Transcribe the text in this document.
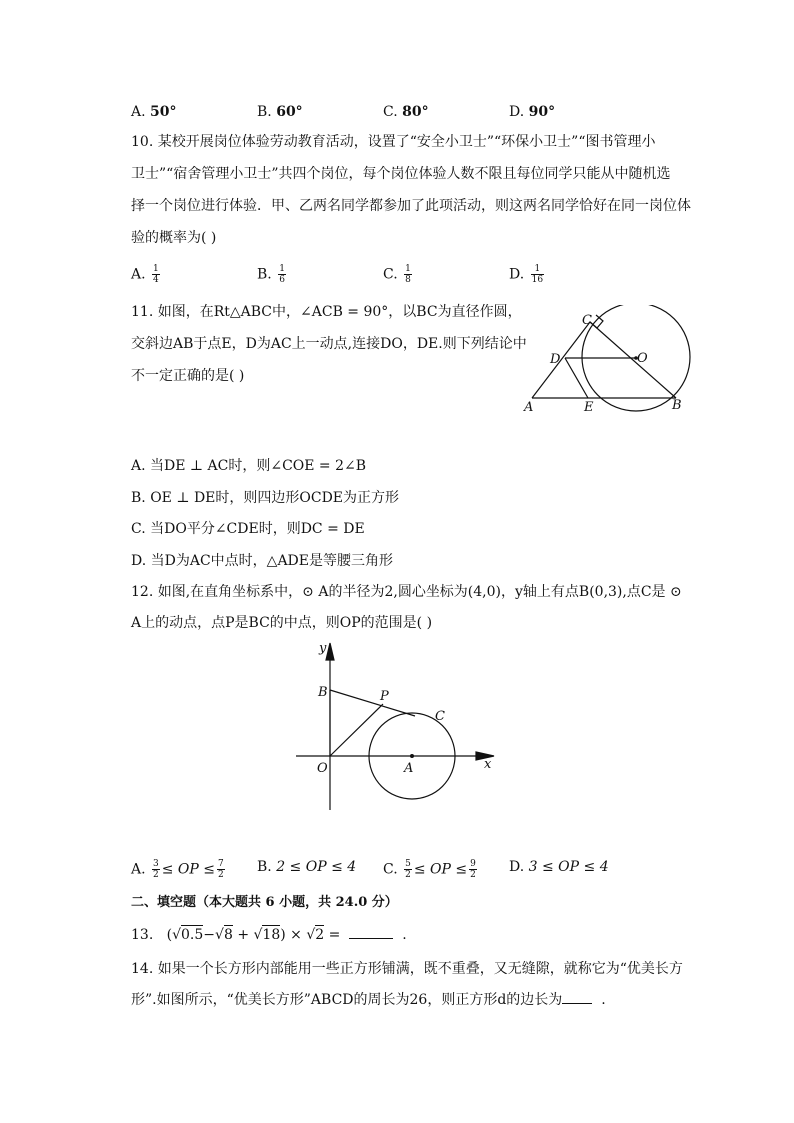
A. 50°	B. 60°	C. 80°	D. 90°
10. 某校开展岗位体验劳动教育活动，设置了“安全小卫士”“环保小卫士”“图书管理小
卫士”“宿舍管理小卫士”共四个岗位，每个岗位体验人数不限且每位同学只能从中随机选
择一个岗位进行体验．甲、乙两名同学都参加了此项活动，则这两名同学恰好在同一岗位体
验的概率为( )
A. $\frac{1}{4}$	B. $\frac{1}{6}$	C. $\frac{1}{8}$	D. $\frac{1}{16}$
11. 如图，在Rt△ABC中，∠ACB = 90°，以BC为直径作圆，
交斜边AB于点E，D为AC上一动点,连接DO，DE.则下列结论中
不一定正确的是( )
C
D	O
A	E	B
A. 当DE ⊥ AC时，则∠COE = 2∠B
B. OE ⊥ DE时，则四边形OCDE为正方形
C. 当DO平分∠CDE时，则DC = DE
D. 当D为AC中点时，△ADE是等腰三角形
12. 如图,在直角坐标系中，⊙ A的半径为2,圆心坐标为(4,0)，y轴上有点B(0,3),点C是 ⊙
A上的动点，点P是BC的中点，则OP的范围是( )
y
x
B	P
C
O	A
A. $\frac{3}{2}$ ≤ OP ≤ $\frac{7}{2} B$. 2 ≤ OP ≤ 4 C. $\frac{5}{2}$ ≤ OP ≤ $\frac{9}{2} D$. 3 ≤ OP ≤ 4
二、填空题（本大题共 6 小题，共 24.0 分）
13. (√0.5−√8 + √18) × √2 =	.
14. 如果一个长方形内部能用一些正方形铺满，既不重叠，又无缝隙，就称它为“优美长方
形”.如图所示，“优美长方形”ABCD的周长为26，则正方形d的边长为	.
